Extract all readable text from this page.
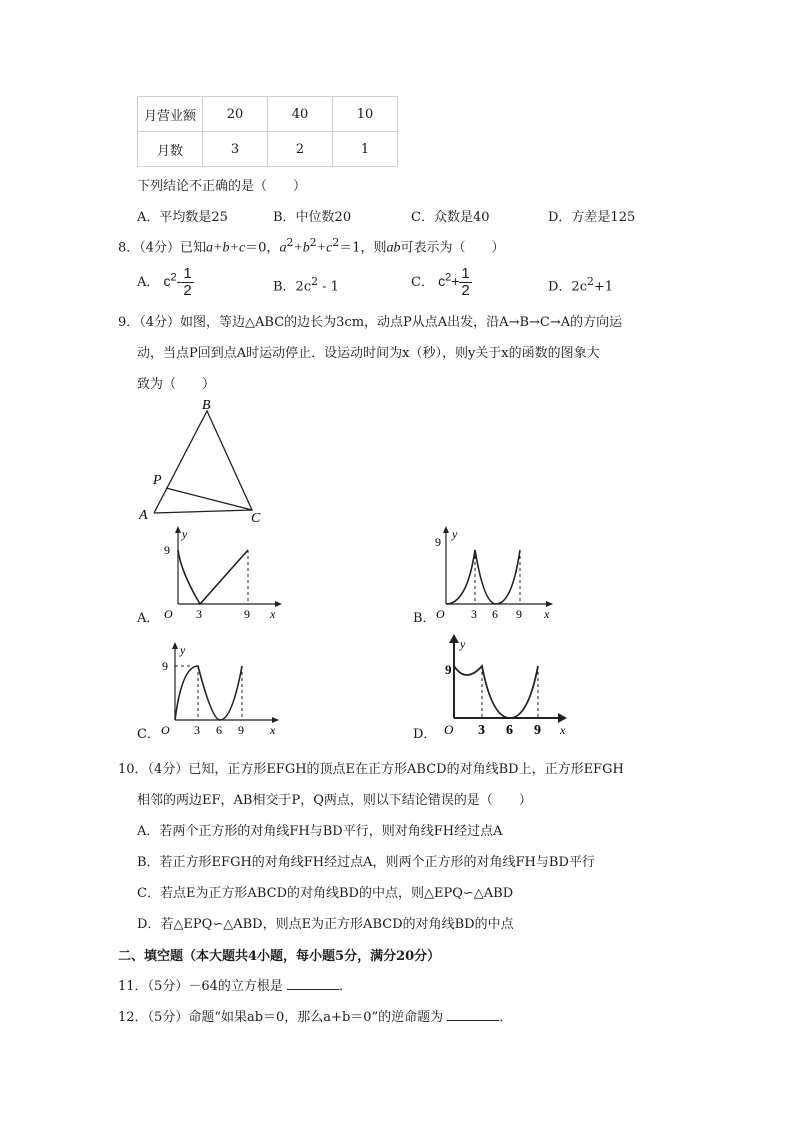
月营业额	20	40	10
月数	3	2	1
下列结论不正确的是（　　）
A．平均数是25	B．中位数20	C．众数是40	D．方差是125
8．（4分）已知a+b+c＝0，$a^2+b^2+c^2=1$，则ab可表示为（　　）
A． $c^2- \frac{1}{2}$	B．$2c^2 - 1$	C． $c^2+ \frac{1}{2}$	D．$2c^2+1$
9．（4分）如图，等边△ABC的边长为3cm，动点P从点A出发，沿A→B→C→A的方向运
动，当点P回到点A时运动停止．设运动时间为x（秒），则y关于x的函数的图象大
致为（　　）
B
P
A	C
A．
y
9
O 3	9 x	B．
y
9
O 3 6 9 x
C．
y
9
O 3 6 9 x	D．
y
9
O 3 6 9 x
10．（4分）已知，正方形EFGH的顶点E在正方形ABCD的对角线BD上，正方形EFGH
相邻的两边EF，AB相交于P，Q两点，则以下结论错误的是（　　）
A．若两个正方形的对角线FH与BD平行，则对角线FH经过点A
B．若正方形EFGH的对角线FH经过点A，则两个正方形的对角线FH与BD平行
C．若点E为正方形ABCD的对角线BD的中点，则△EPQ∽△ABD
D．若△EPQ∽△ABD，则点E为正方形ABCD的对角线BD的中点
二、填空题（本大题共4小题，每小题5分，满分20分）
11．（5分）－64的立方根是	．
12．（5分）命题“如果ab＝0，那么a+b＝0”的逆命题为	．
